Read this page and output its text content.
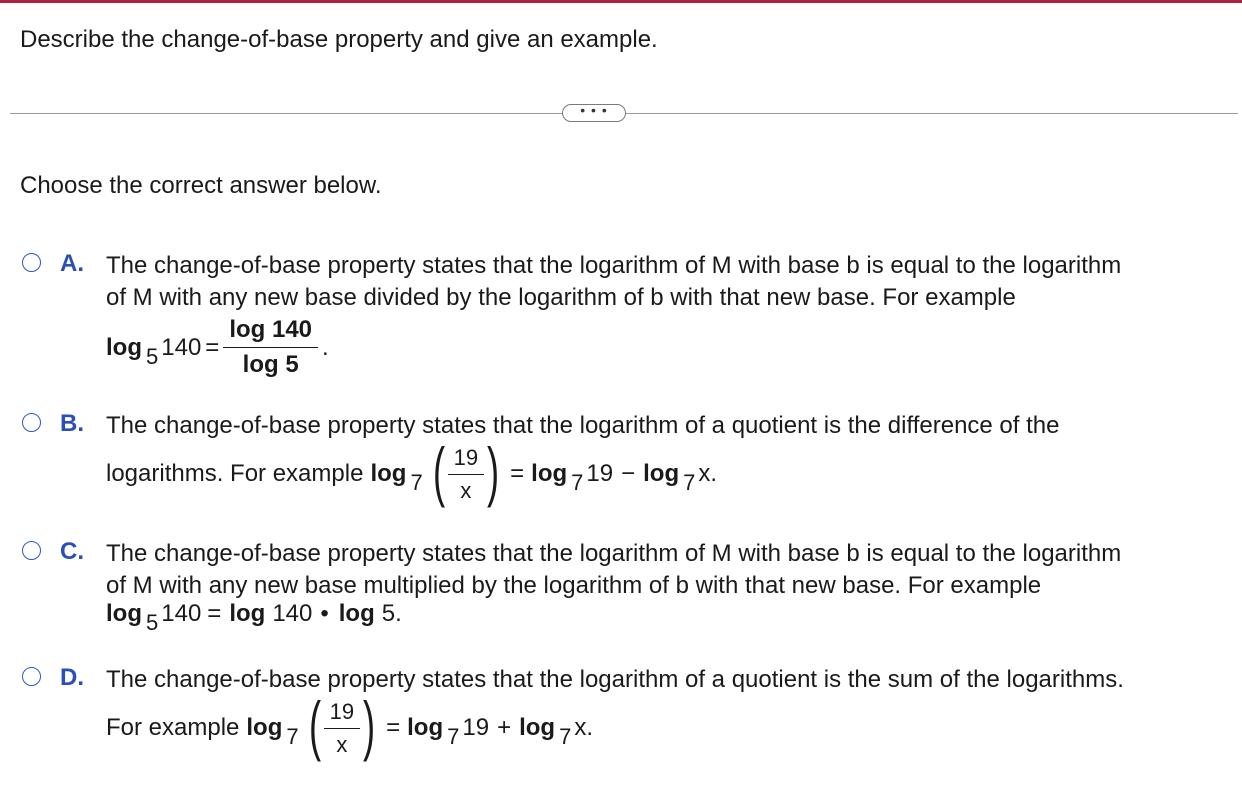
Describe the change-of-base property and give an example.
• • •
Choose the correct answer below.
A. The change-of-base property states that the logarithm of M with base b is equal to the logarithm
of M with any new base divided by the logarithm of b with that new base. For example
log 5 $140 = \frac{\log 140}{\log 5}$ .
B. The change-of-base property states that the logarithm of a quotient is the difference of the
logarithms. For example log 7 ( $\frac{19}{x}$ ) = log 7 19 − log 7 x .
C. The change-of-base property states that the logarithm of M with base b is equal to the logarithm
of M with any new base multiplied by the logarithm of b with that new base. For example
log 5 140 = log 140 • log 5 .
D. The change-of-base property states that the logarithm of a quotient is the sum of the logarithms.
For example log 7 ( $\frac{19}{x}$ ) = log 7 19 + log 7 x .
